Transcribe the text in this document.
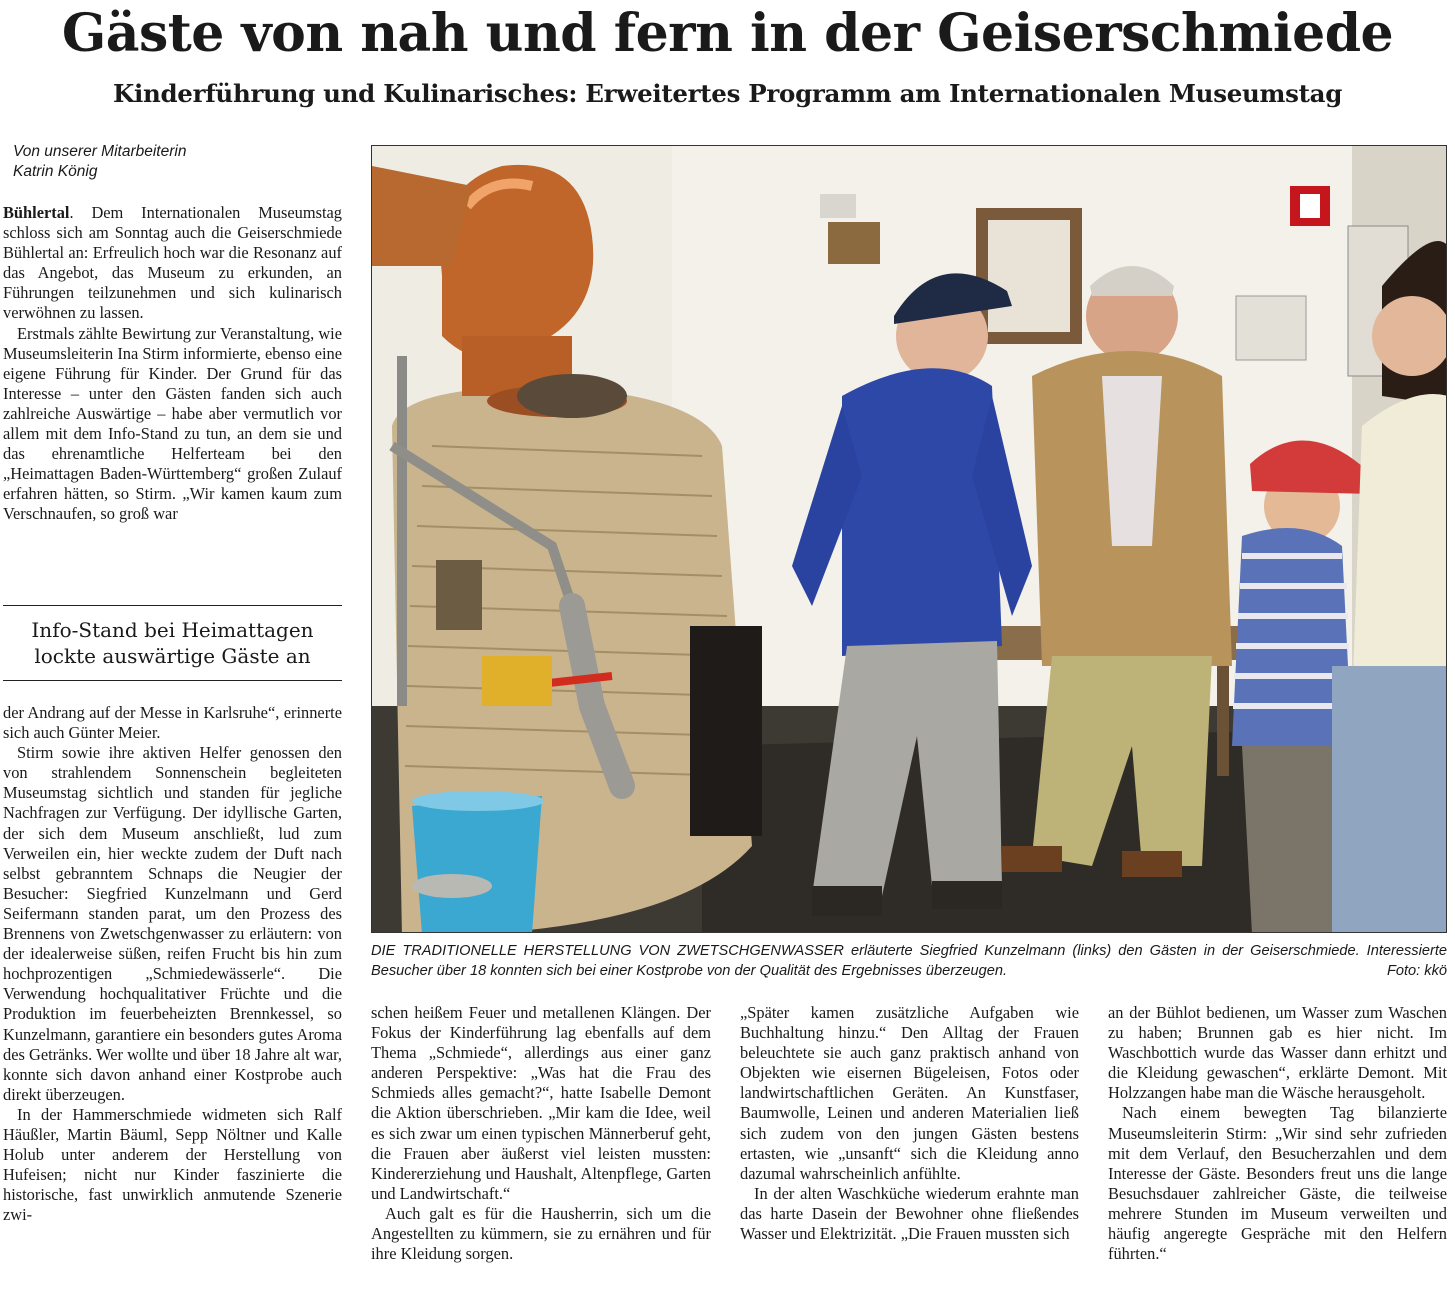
Gäste von nah und fern in der Geiserschmiede
Kinderführung und Kulinarisches: Erweitertes Programm am Internationalen Museumstag
Von unserer Mitarbeiterin
Katrin König

Bühlertal. Dem Internationalen Museumstag schloss sich am Sonntag auch die Geiserschmiede Bühlertal an: Erfreulich hoch war die Resonanz auf das Angebot, das Museum zu erkunden, an Führungen teilzunehmen und sich kulinarisch verwöhnen zu lassen.

Erstmals zählte Bewirtung zur Veranstaltung, wie Museumsleiterin Ina Stirm informierte, ebenso eine eigene Führung für Kinder. Der Grund für das Interesse – unter den Gästen fanden sich auch zahlreiche Auswärtige – habe aber vermutlich vor allem mit dem Info-Stand zu tun, an dem sie und das ehrenamtliche Helferteam bei den „Heimattagen Baden-Württemberg“ großen Zulauf erfahren hätten, so Stirm. „Wir kamen kaum zum Verschnaufen, so groß war

Info-Stand bei Heimattagen lockte auswärtige Gäste an

der Andrang auf der Messe in Karlsruhe“, erinnerte sich auch Günter Meier.

Stirm sowie ihre aktiven Helfer genossen den von strahlendem Sonnenschein begleiteten Museumstag sichtlich und standen für jegliche Nachfragen zur Verfügung. Der idyllische Garten, der sich dem Museum anschließt, lud zum Verweilen ein, hier weckte zudem der Duft nach selbst gebranntem Schnaps die Neugier der Besucher: Siegfried Kunzelmann und Gerd Seifermann standen parat, um den Prozess des Brennens von Zwetschgenwasser zu erläutern: von der idealerweise süßen, reifen Frucht bis hin zum hochprozentigen „Schmiedewässerle“. Die Verwendung hochqualitativer Früchte und die Produktion im feuerbeheizten Brennkessel, so Kunzelmann, garantiere ein besonders gutes Aroma des Getränks. Wer wollte und über 18 Jahre alt war, konnte sich davon anhand einer Kostprobe auch direkt überzeugen.

In der Hammerschmiede widmeten sich Ralf Häußler, Martin Bäuml, Sepp Nöltner und Kalle Holub unter anderem der Herstellung von Hufeisen; nicht nur Kinder faszinierte die historische, fast unwirklich anmutende Szenerie zwi-

DIE TRADITIONELLE HERSTELLUNG VON ZWETSCHGENWASSER erläuterte Siegfried Kunzelmann (links) den Gästen in der Geiserschmiede. Interessierte Besucher über 18 konnten sich bei einer Kostprobe von der Qualität des Ergebnisses überzeugen.	Foto: kkö

schen heißem Feuer und metallenen Klängen. Der Fokus der Kinderführung lag ebenfalls auf dem Thema „Schmiede“, allerdings aus einer ganz anderen Perspektive: „Was hat die Frau des Schmieds alles gemacht?“, hatte Isabelle Demont die Aktion überschrieben. „Mir kam die Idee, weil es sich zwar um einen typischen Männerberuf geht, die Frauen aber äußerst viel leisten mussten: Kindererziehung und Haushalt, Altenpflege, Garten und Landwirtschaft.“

Auch galt es für die Hausherrin, sich um die Angestellten zu kümmern, sie zu ernähren und für ihre Kleidung sorgen.

„Später kamen zusätzliche Aufgaben wie Buchhaltung hinzu.“ Den Alltag der Frauen beleuchtete sie auch ganz praktisch anhand von Objekten wie eisernen Bügeleisen, Fotos oder landwirtschaftlichen Geräten. An Kunstfaser, Baumwolle, Leinen und anderen Materialien ließ sich zudem von den jungen Gästen bestens ertasten, wie „unsanft“ sich die Kleidung anno dazumal wahrscheinlich anfühlte.

In der alten Waschküche wiederum erahnte man das harte Dasein der Bewohner ohne fließendes Wasser und Elektrizität. „Die Frauen mussten sich

an der Bühlot bedienen, um Wasser zum Waschen zu haben; Brunnen gab es hier nicht. Im Waschbottich wurde das Wasser dann erhitzt und die Kleidung gewaschen“, erklärte Demont. Mit Holzzangen habe man die Wäsche herausgeholt.

Nach einem bewegten Tag bilanzierte Museumsleiterin Stirm: „Wir sind sehr zufrieden mit dem Verlauf, den Besucherzahlen und dem Interesse der Gäste. Besonders freut uns die lange Besuchsdauer zahlreicher Gäste, die teilweise mehrere Stunden im Museum verweilten und häufig angeregte Gespräche mit den Helfern führten.“
